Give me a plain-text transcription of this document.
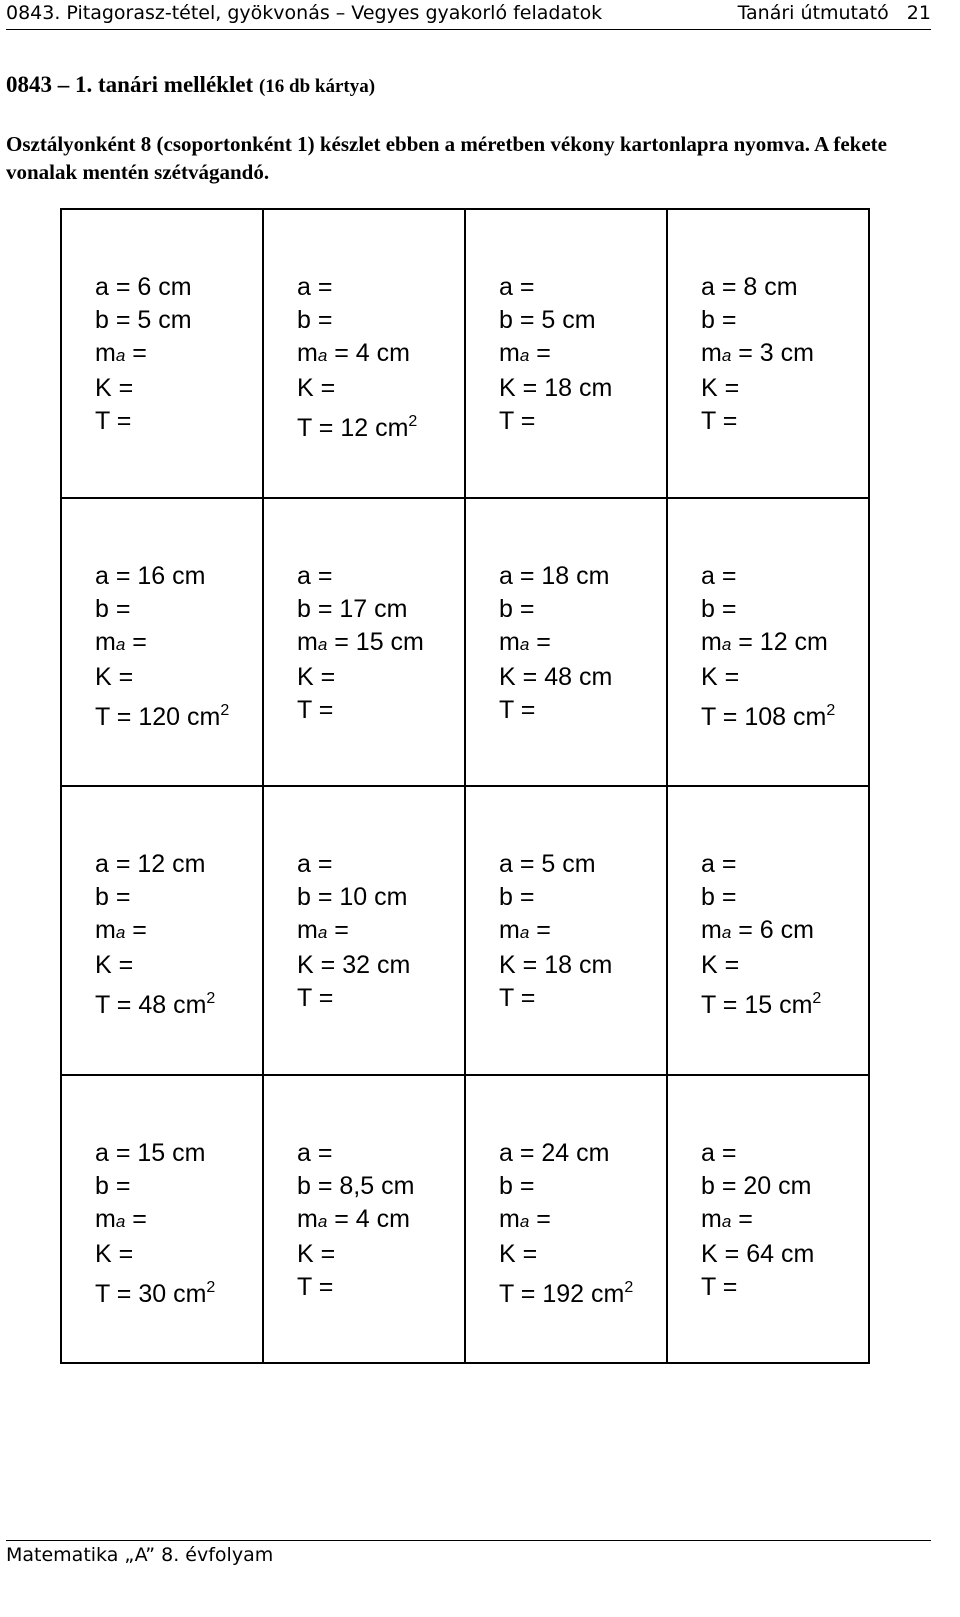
0843. Pitagorasz-tétel, gyökvonás – Vegyes gyakorló feladatok	Tanári útmutató   21
0843 – 1. tanári melléklet (16 db kártya)
Osztályonként 8 (csoportonként 1) készlet ebben a méretben vékony kartonlapra nyomva. A fekete vonalak mentén szétvágandó.
a = 6 cm
b = 5 cm
ma =
K =
T =
a =
b =
ma = 4 cm
K =
T = 12 $cm^2$
a =
b = 5 cm
ma =
K = 18 cm
T =
a = 8 cm
b =
ma = 3 cm
K =
T =
a = 16 cm
b =
ma =
K =
T = 120 $cm^2$
a =
b = 17 cm
ma = 15 cm
K =
T =
a = 18 cm
b =
ma =
K = 48 cm
T =
a =
b =
ma = 12 cm
K =
T = 108 $cm^2$
a = 12 cm
b =
ma =
K =
T = 48 $cm^2$
a =
b = 10 cm
ma =
K = 32 cm
T =
a = 5 cm
b =
ma =
K = 18 cm
T =
a =
b =
ma = 6 cm
K =
T = 15 $cm^2$
a = 15 cm
b =
ma =
K =
T = 30 $cm^2$
a =
b = 8,5 cm
ma = 4 cm
K =
T =
a = 24 cm
b =
ma =
K =
T = 192 $cm^2$
a =
b = 20 cm
ma =
K = 64 cm
T =
Matematika „A” 8. évfolyam
